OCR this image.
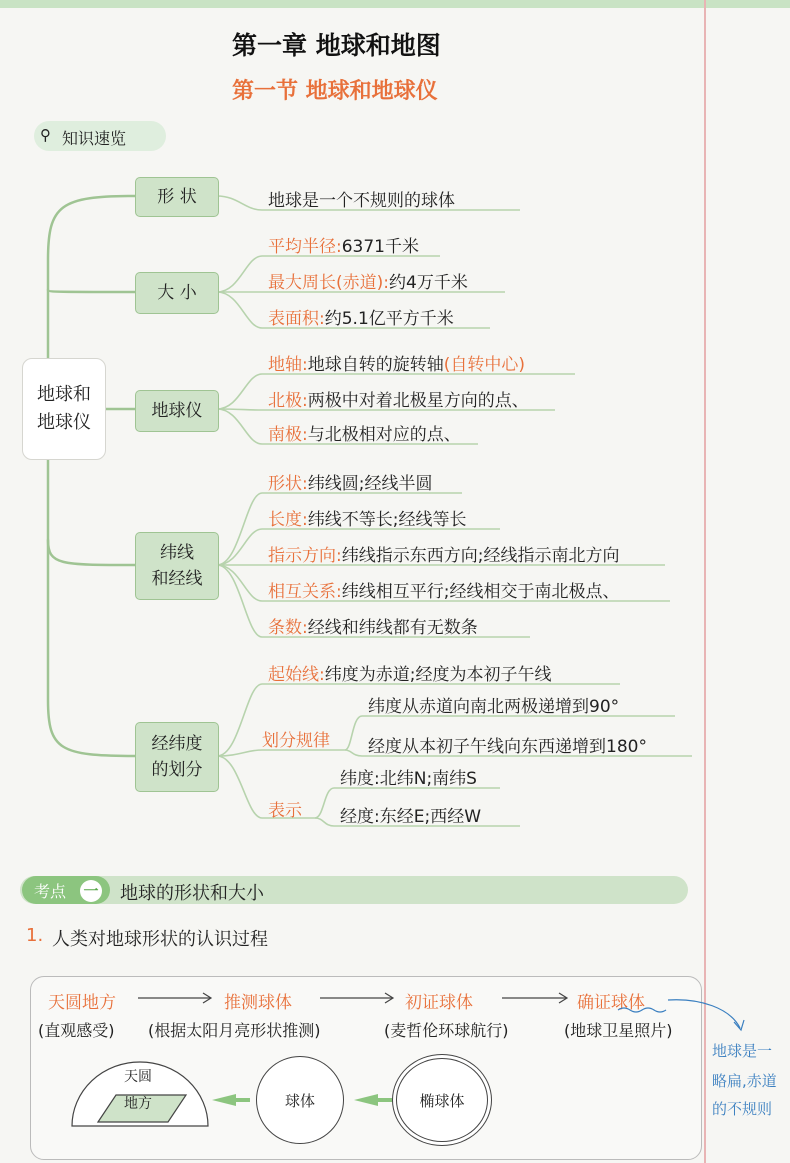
第一章 地球和地图
第一节 地球和地球仪
⚲ 知识速览
地球和
地球仪
形 状
大 小
地球仪
纬线
和经线
经纬度
的划分
地球是一个不规则的球体
平均半径:6371千米
最大周长(赤道):约4万千米
表面积:约5.1亿平方千米
地轴:地球自转的旋转轴(自转中心)
北极:两极中对着北极星方向的点、
南极:与北极相对应的点、
形状:纬线圆;经线半圆
长度:纬线不等长;经线等长
指示方向:纬线指示东西方向;经线指示南北方向
相互关系:纬线相互平行;经线相交于南北极点、
条数:经线和纬线都有无数条
起始线:纬度为赤道;经度为本初子午线
划分规律
纬度从赤道向南北两极递增到90°
经度从本初子午线向东西递增到180°
表示
纬度:北纬N;南纬S
经度:东经E;西经W
考点 一 地球的形状和大小
1. 人类对地球形状的认识过程
天圆地方	推测球体	初证球体	确证球体
(直观感受) (根据太阳月亮形状推测)	(麦哲伦环球航行)	(地球卫星照片)
天圆
地方	球体	椭球体
地球是一
略扁,赤道
的不规则
